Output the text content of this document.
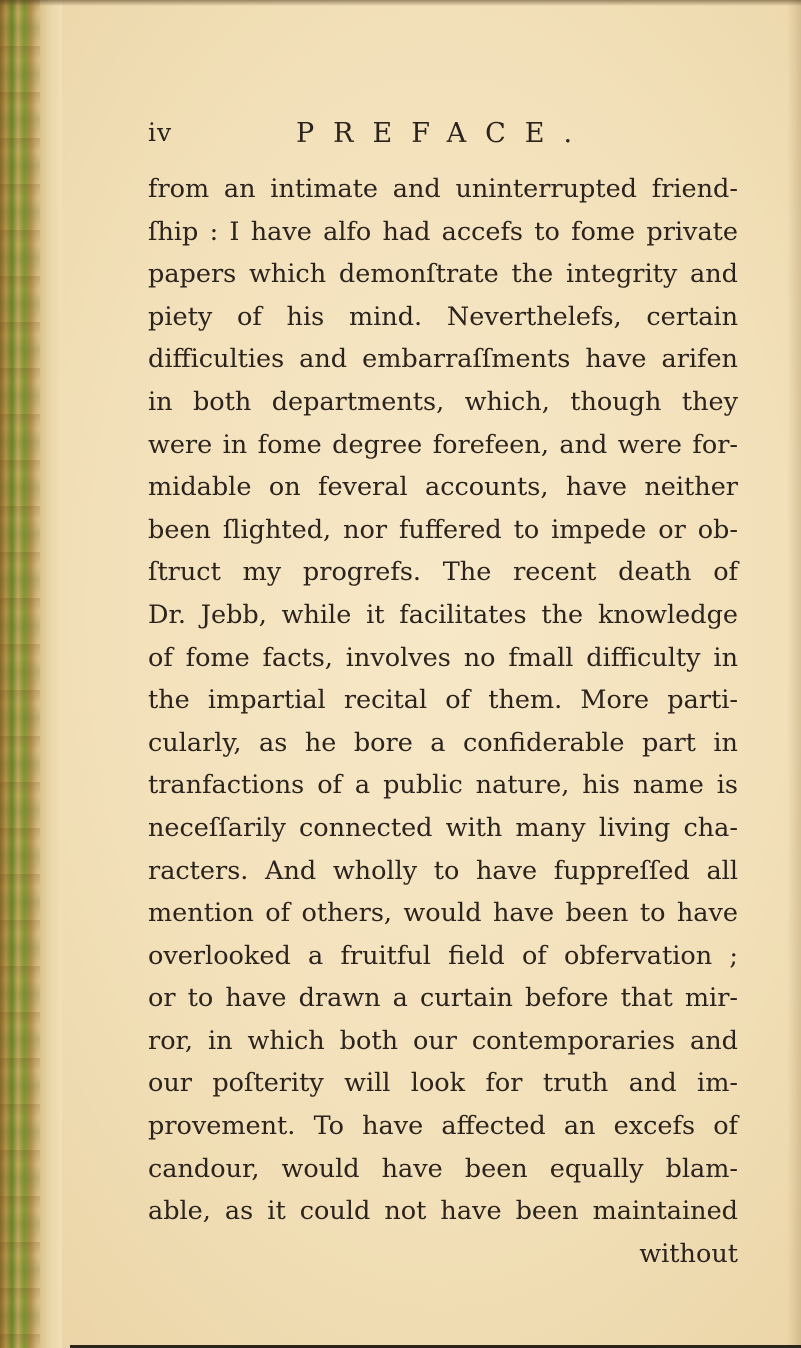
iv	PREFACE.
from an intimate and uninterrupted friend-
ſhip : I have alfo had accefs to fome private
papers which demonſtrate the integrity and
piety of his mind. Neverthelefs, certain
difficulties and embarraſſments have arifen
in both departments, which, though they
were in fome degree forefeen, and were for-
midable on feveral accounts, have neither
been ſlighted, nor fuffered to impede or ob-
ſtruct my progrefs. The recent death of
Dr. Jebb, while it facilitates the knowledge
of fome facts, involves no fmall difficulty in
the impartial recital of them. More parti-
cularly, as he bore a confiderable part in
tranfactions of a public nature, his name is
neceſſarily connected with many living cha-
racters. And wholly to have fuppreſſed all
mention of others, would have been to have
overlooked a fruitful field of obfervation ;
or to have drawn a curtain before that mir-
ror, in which both our contemporaries and
our poſterity will look for truth and im-
provement. To have affected an excefs of
candour, would have been equally blam-
able, as it could not have been maintained
without
